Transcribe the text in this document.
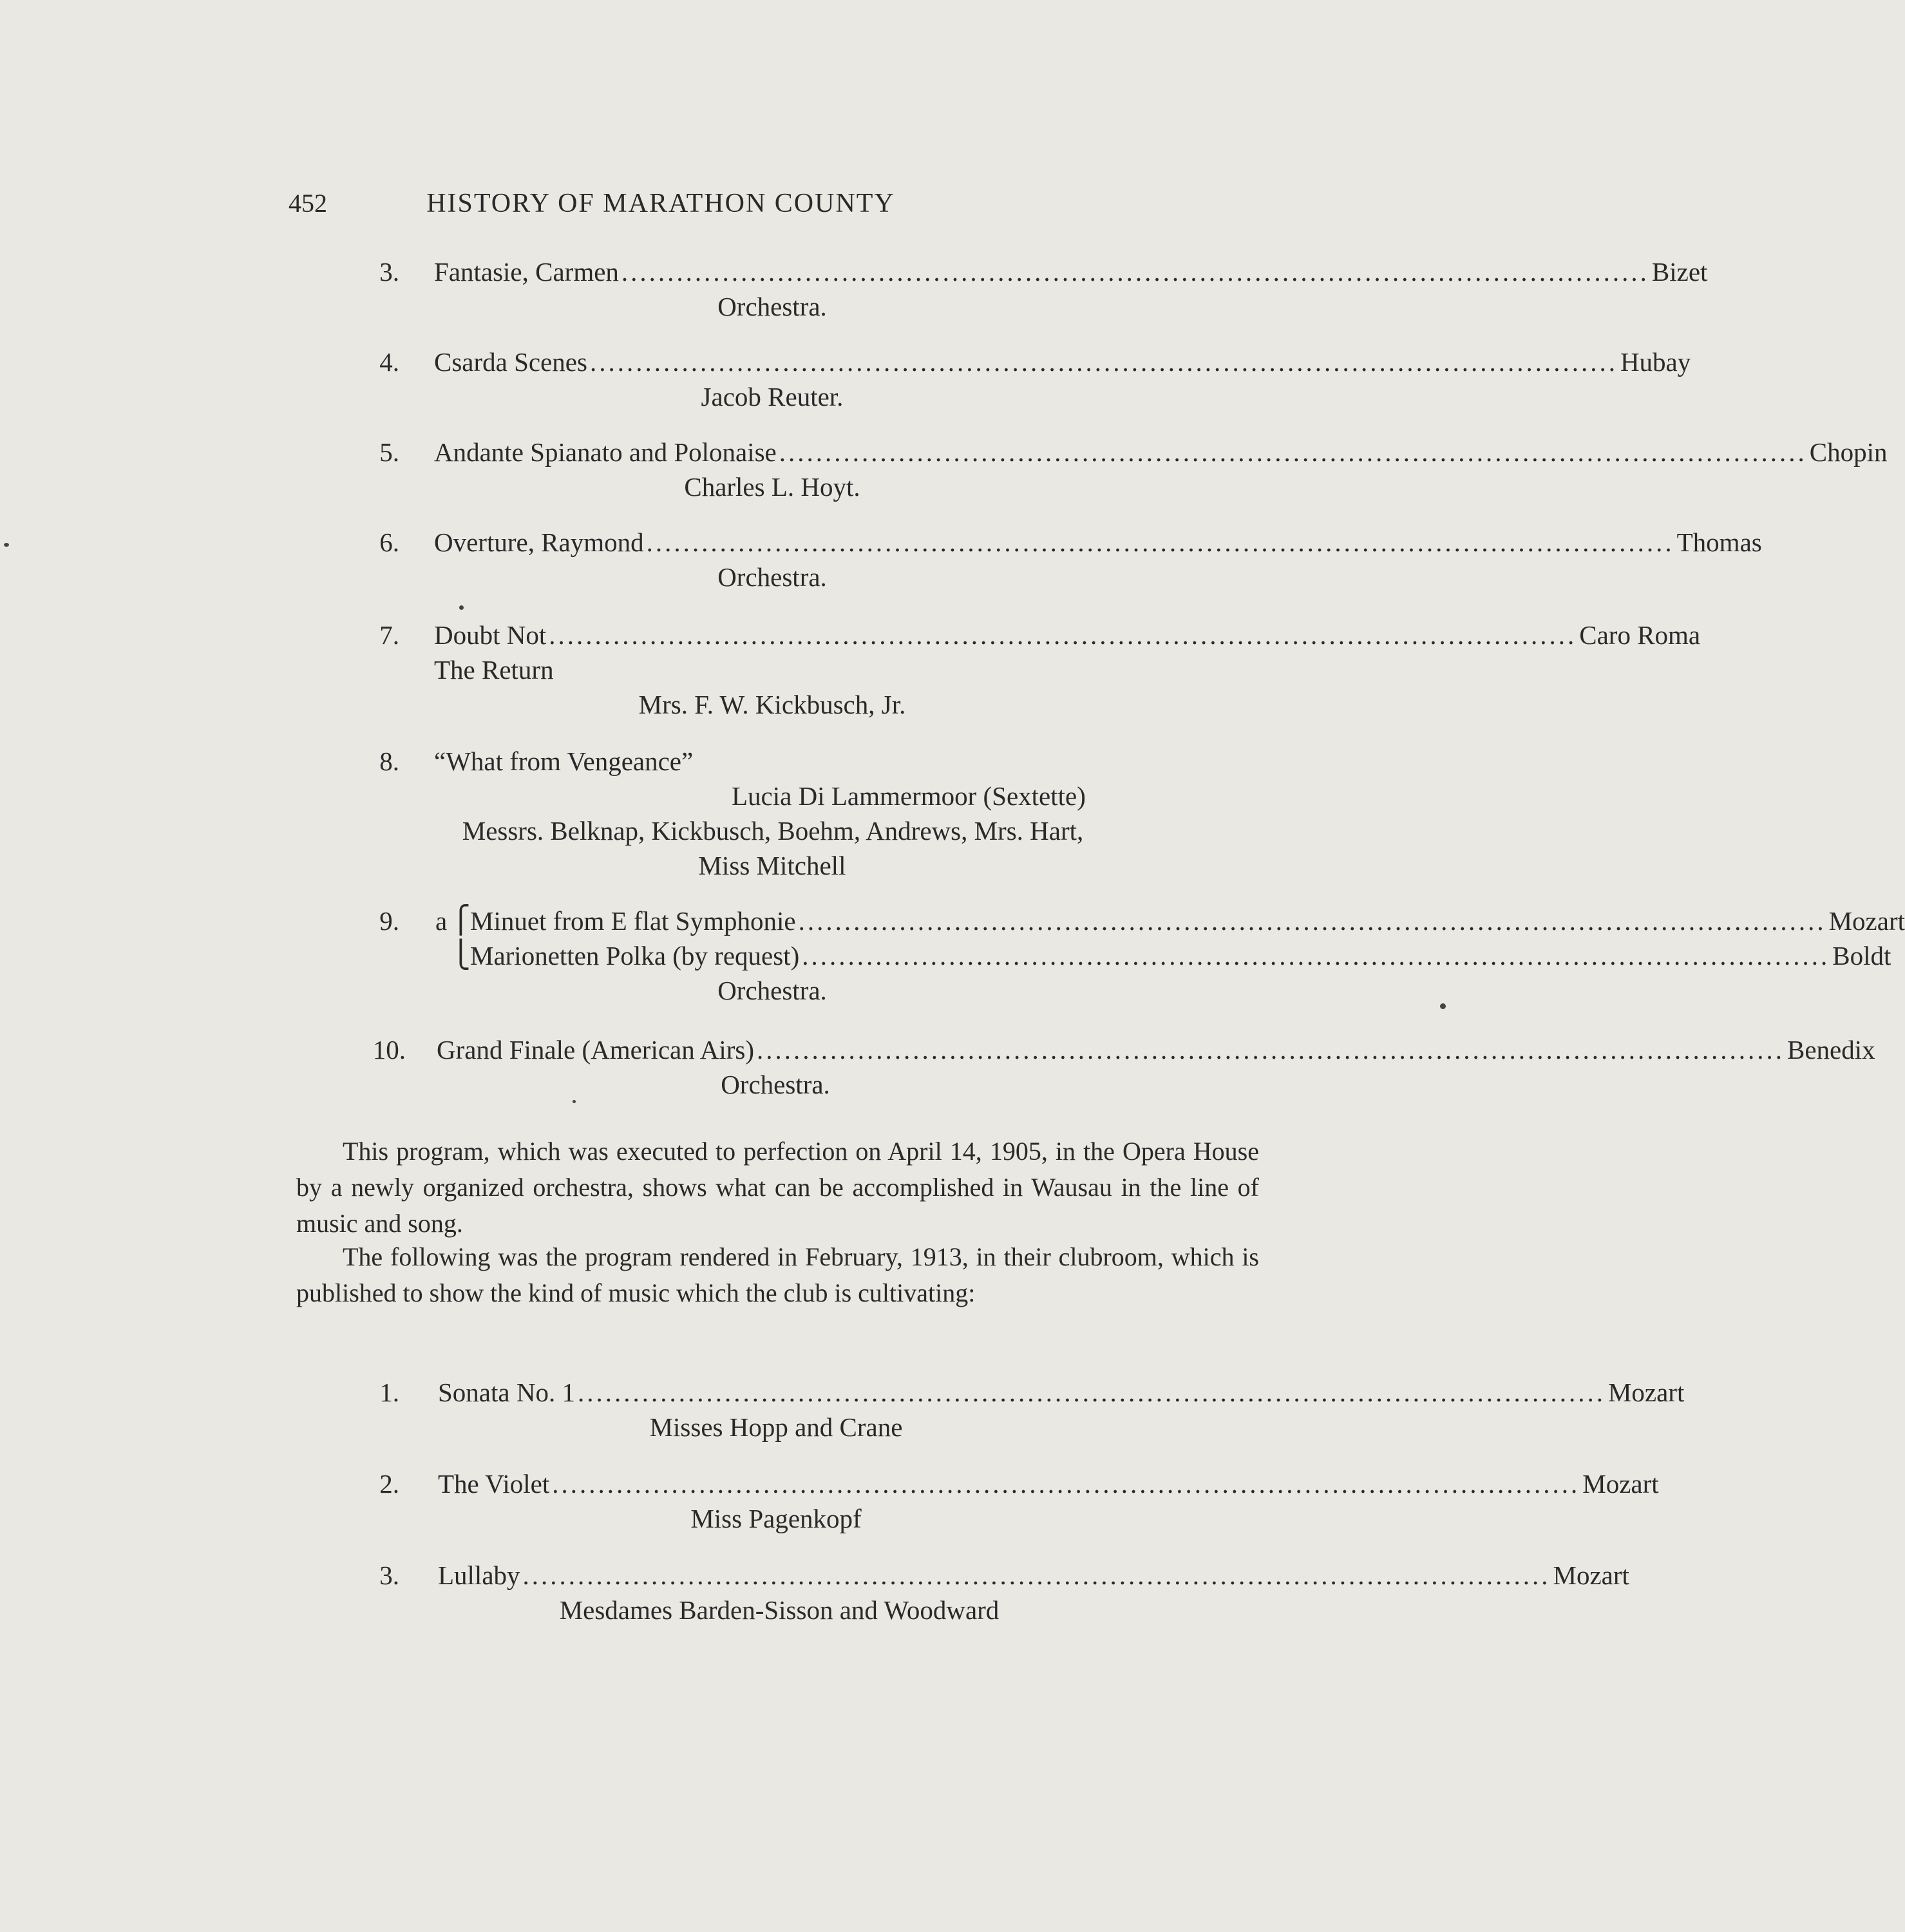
452	HISTORY OF MARATHON COUNTY
3. Fantasie, Carmen ................................................................................................................ Bizet
Orchestra.
4. Csarda Scenes ................................................................................................................ Hubay
Jacob Reuter.
5. Andante Spianato and Polonaise ................................................................................................................ Chopin
Charles L. Hoyt.
6. Overture, Raymond ................................................................................................................ Thomas
Orchestra.
7. Doubt Not ................................................................................................................ Caro Roma
The Return
Mrs. F. W. Kickbusch, Jr.
8. “What from Vengeance”
Lucia Di Lammermoor (Sextette)
Messrs. Belknap, Kickbusch, Boehm, Andrews, Mrs. Hart,
Miss Mitchell
9. a ⎧ Minuet from E flat Symphonie ................................................................................................................ Mozart
⎩ Marionetten Polka (by request) ................................................................................................................ Boldt
Orchestra.
10. Grand Finale (American Airs) ................................................................................................................ Benedix
Orchestra.

This program, which was executed to perfection on April 14, 1905, in the Opera House by a newly organized orchestra, shows what can be accomplished in Wausau in the line of music and song.

The following was the program rendered in February, 1913, in their clubroom, which is published to show the kind of music which the club is cultivating:

1. Sonata No. 1 ................................................................................................................ Mozart
Misses Hopp and Crane
2. The Violet ................................................................................................................ Mozart
Miss Pagenkopf
3. Lullaby ................................................................................................................ Mozart
Mesdames Barden-Sisson and Woodward
